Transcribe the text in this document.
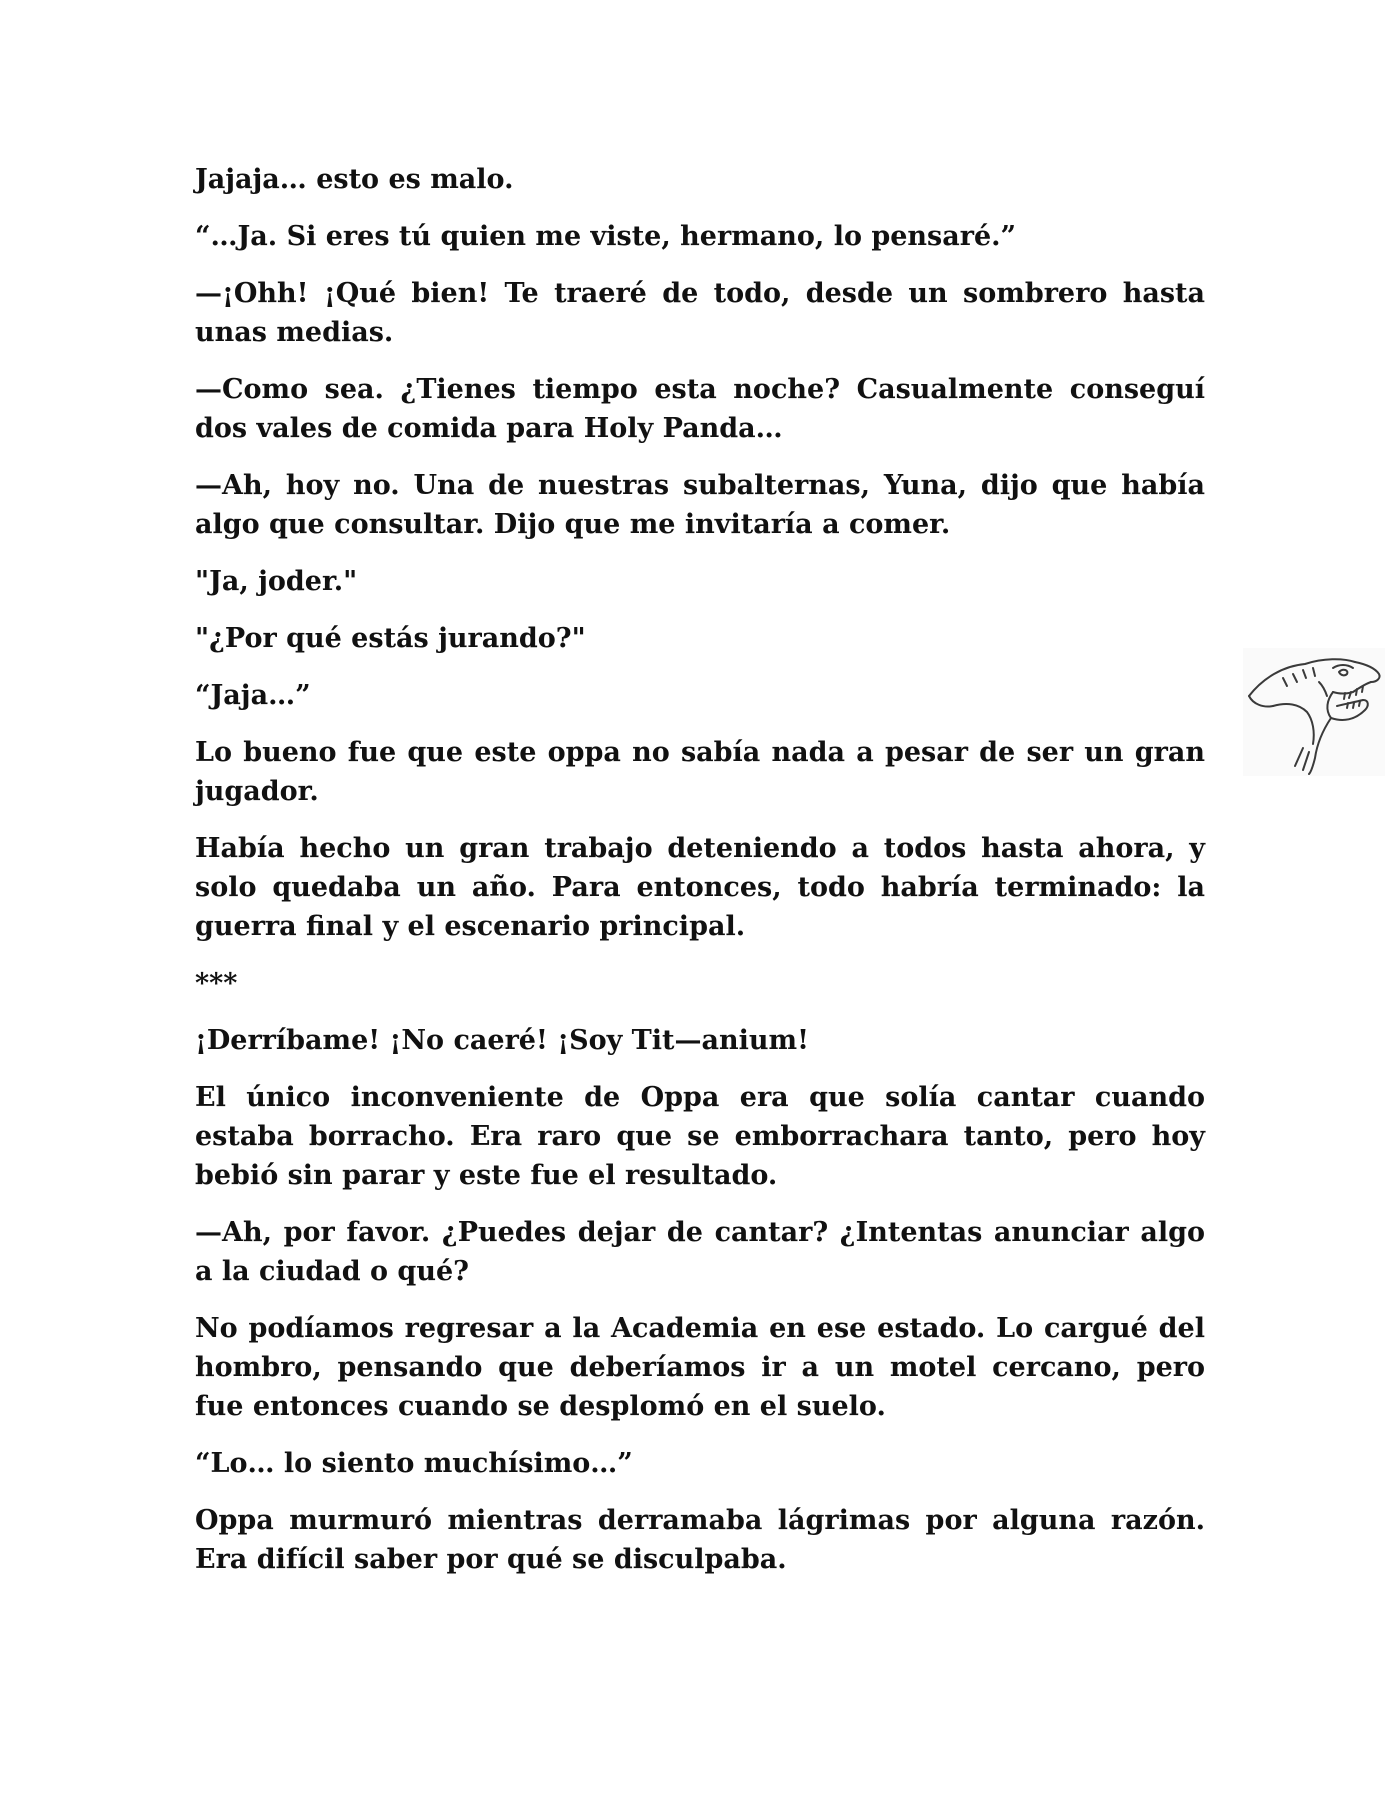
Jajaja… esto es malo.

“…Ja. Si eres tú quien me viste, hermano, lo pensaré.”

—¡Ohh! ¡Qué bien! Te traeré de todo, desde un sombrero hasta unas medias.

—Como sea. ¿Tienes tiempo esta noche? Casualmente conseguí dos vales de comida para Holy Panda…

—Ah, hoy no. Una de nuestras subalternas, Yuna, dijo que había algo que consultar. Dijo que me invitaría a comer.

"Ja, joder."

"¿Por qué estás jurando?"

“Jaja…”

Lo bueno fue que este oppa no sabía nada a pesar de ser un gran jugador.

Había hecho un gran trabajo deteniendo a todos hasta ahora, y solo quedaba un año. Para entonces, todo habría terminado: la guerra final y el escenario principal.

***

¡Derríbame! ¡No caeré! ¡Soy Tit—anium!

El único inconveniente de Oppa era que solía cantar cuando estaba borracho. Era raro que se emborrachara tanto, pero hoy bebió sin parar y este fue el resultado.

—Ah, por favor. ¿Puedes dejar de cantar? ¿Intentas anunciar algo a la ciudad o qué?

No podíamos regresar a la Academia en ese estado. Lo cargué del hombro, pensando que deberíamos ir a un motel cercano, pero fue entonces cuando se desplomó en el suelo.

“Lo… lo siento muchísimo…”

Oppa murmuró mientras derramaba lágrimas por alguna razón. Era difícil saber por qué se disculpaba.
